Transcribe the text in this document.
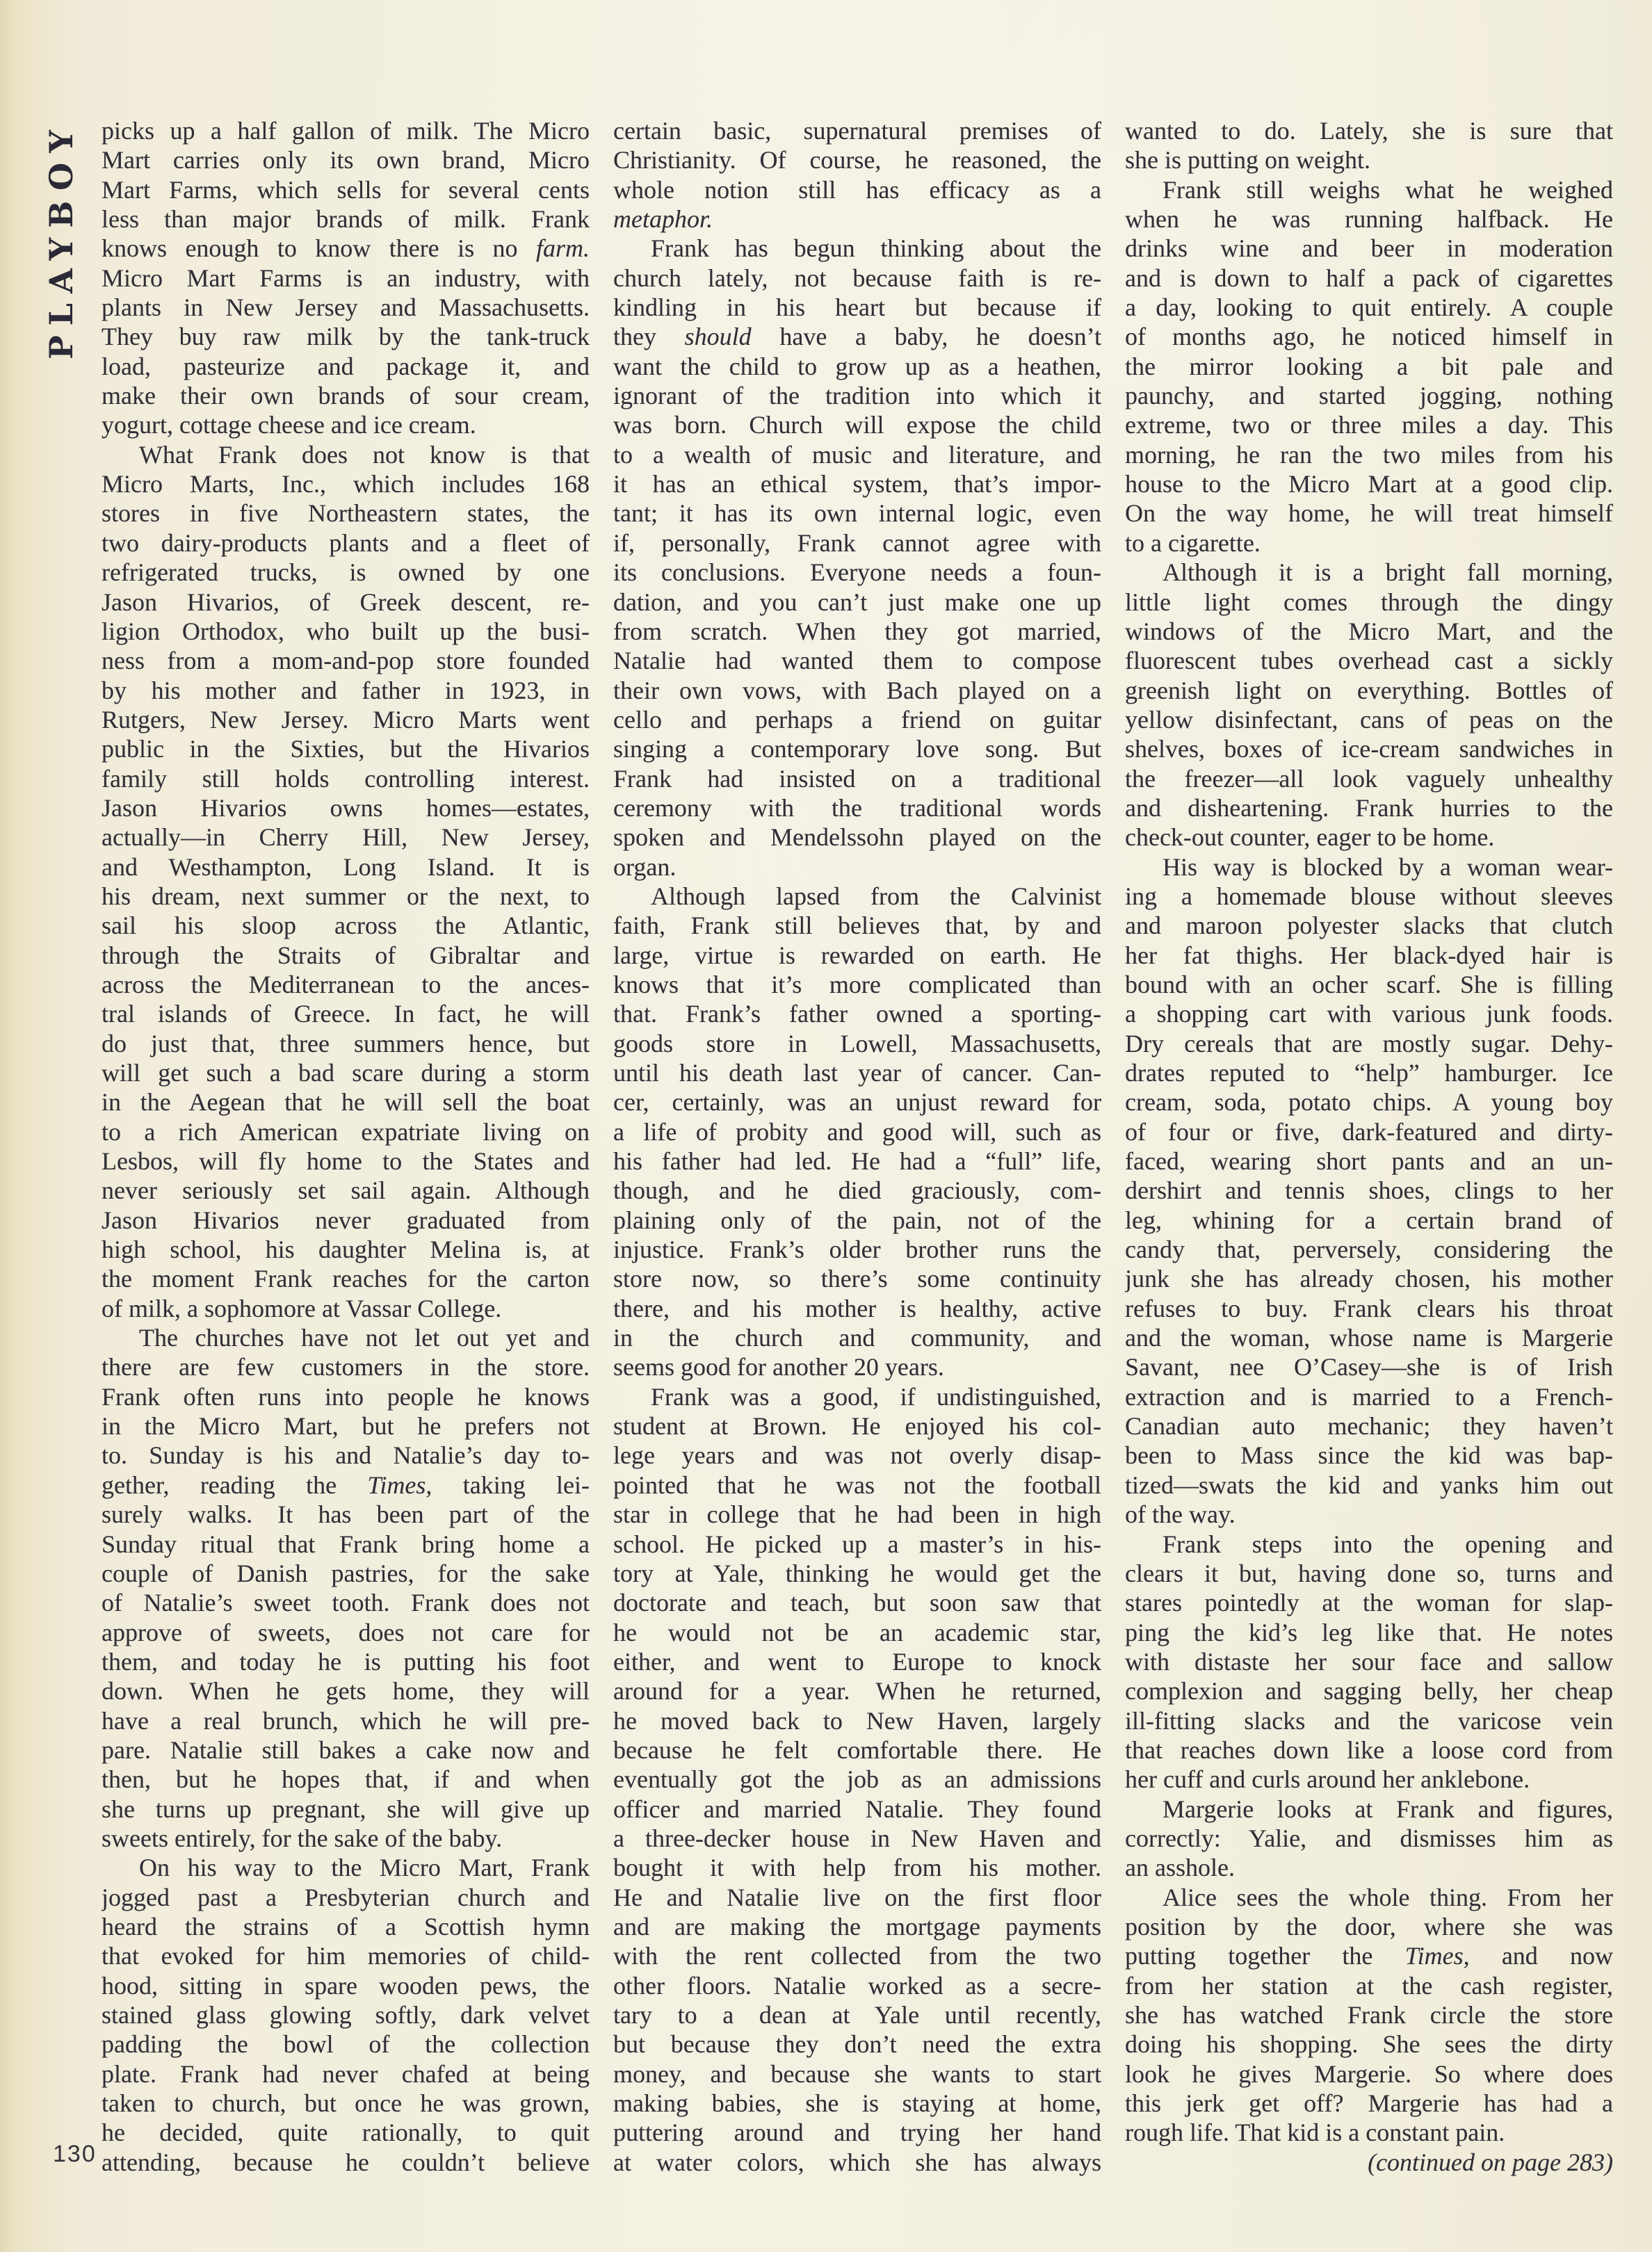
PLAYBOY picks up a half gallon of milk. The Micro
Mart carries only its own brand, Micro
Mart Farms, which sells for several cents
less than major brands of milk. Frank
knows enough to know there is no farm.
Micro Mart Farms is an industry, with
plants in New Jersey and Massachusetts.
They buy raw milk by the tank-truck
load, pasteurize and package it, and
make their own brands of sour cream,
yogurt, cottage cheese and ice cream.
What Frank does not know is that
Micro Marts, Inc., which includes 168
stores in five Northeastern states, the
two dairy-products plants and a fleet of
refrigerated trucks, is owned by one
Jason Hivarios, of Greek descent, re-
ligion Orthodox, who built up the busi-
ness from a mom-and-pop store founded
by his mother and father in 1923, in
Rutgers, New Jersey. Micro Marts went
public in the Sixties, but the Hivarios
family still holds controlling interest.
Jason Hivarios owns homes—estates,
actually—in Cherry Hill, New Jersey,
and Westhampton, Long Island. It is
his dream, next summer or the next, to
sail his sloop across the Atlantic,
through the Straits of Gibraltar and
across the Mediterranean to the ances-
tral islands of Greece. In fact, he will
do just that, three summers hence, but
will get such a bad scare during a storm
in the Aegean that he will sell the boat
to a rich American expatriate living on
Lesbos, will fly home to the States and
never seriously set sail again. Although
Jason Hivarios never graduated from
high school, his daughter Melina is, at
the moment Frank reaches for the carton
of milk, a sophomore at Vassar College.
The churches have not let out yet and
there are few customers in the store.
Frank often runs into people he knows
in the Micro Mart, but he prefers not
to. Sunday is his and Natalie’s day to-
gether, reading the Times, taking lei-
surely walks. It has been part of the
Sunday ritual that Frank bring home a
couple of Danish pastries, for the sake
of Natalie’s sweet tooth. Frank does not
approve of sweets, does not care for
them, and today he is putting his foot
down. When he gets home, they will
have a real brunch, which he will pre-
pare. Natalie still bakes a cake now and
then, but he hopes that, if and when
she turns up pregnant, she will give up
sweets entirely, for the sake of the baby.
On his way to the Micro Mart, Frank
jogged past a Presbyterian church and
heard the strains of a Scottish hymn
that evoked for him memories of child-
hood, sitting in spare wooden pews, the
stained glass glowing softly, dark velvet
padding the bowl of the collection
plate. Frank had never chafed at being
taken to church, but once he was grown,
he decided, quite rationally, to quit
attending, because he couldn’t believe
certain basic, supernatural premises of
Christianity. Of course, he reasoned, the
whole notion still has efficacy as a
metaphor.
Frank has begun thinking about the
church lately, not because faith is re-
kindling in his heart but because if
they should have a baby, he doesn’t
want the child to grow up as a heathen,
ignorant of the tradition into which it
was born. Church will expose the child
to a wealth of music and literature, and
it has an ethical system, that’s impor-
tant; it has its own internal logic, even
if, personally, Frank cannot agree with
its conclusions. Everyone needs a foun-
dation, and you can’t just make one up
from scratch. When they got married,
Natalie had wanted them to compose
their own vows, with Bach played on a
cello and perhaps a friend on guitar
singing a contemporary love song. But
Frank had insisted on a traditional
ceremony with the traditional words
spoken and Mendelssohn played on the
organ.
Although lapsed from the Calvinist
faith, Frank still believes that, by and
large, virtue is rewarded on earth. He
knows that it’s more complicated than
that. Frank’s father owned a sporting-
goods store in Lowell, Massachusetts,
until his death last year of cancer. Can-
cer, certainly, was an unjust reward for
a life of probity and good will, such as
his father had led. He had a “full” life,
though, and he died graciously, com-
plaining only of the pain, not of the
injustice. Frank’s older brother runs the
store now, so there’s some continuity
there, and his mother is healthy, active
in the church and community, and
seems good for another 20 years.
Frank was a good, if undistinguished,
student at Brown. He enjoyed his col-
lege years and was not overly disap-
pointed that he was not the football
star in college that he had been in high
school. He picked up a master’s in his-
tory at Yale, thinking he would get the
doctorate and teach, but soon saw that
he would not be an academic star,
either, and went to Europe to knock
around for a year. When he returned,
he moved back to New Haven, largely
because he felt comfortable there. He
eventually got the job as an admissions
officer and married Natalie. They found
a three-decker house in New Haven and
bought it with help from his mother.
He and Natalie live on the first floor
and are making the mortgage payments
with the rent collected from the two
other floors. Natalie worked as a secre-
tary to a dean at Yale until recently,
but because they don’t need the extra
money, and because she wants to start
making babies, she is staying at home,
puttering around and trying her hand
at water colors, which she has always
wanted to do. Lately, she is sure that
she is putting on weight.
Frank still weighs what he weighed
when he was running halfback. He
drinks wine and beer in moderation
and is down to half a pack of cigarettes
a day, looking to quit entirely. A couple
of months ago, he noticed himself in
the mirror looking a bit pale and
paunchy, and started jogging, nothing
extreme, two or three miles a day. This
morning, he ran the two miles from his
house to the Micro Mart at a good clip.
On the way home, he will treat himself
to a cigarette.
Although it is a bright fall morning,
little light comes through the dingy
windows of the Micro Mart, and the
fluorescent tubes overhead cast a sickly
greenish light on everything. Bottles of
yellow disinfectant, cans of peas on the
shelves, boxes of ice-cream sandwiches in
the freezer—all look vaguely unhealthy
and disheartening. Frank hurries to the
check-out counter, eager to be home.
His way is blocked by a woman wear-
ing a homemade blouse without sleeves
and maroon polyester slacks that clutch
her fat thighs. Her black-dyed hair is
bound with an ocher scarf. She is filling
a shopping cart with various junk foods.
Dry cereals that are mostly sugar. Dehy-
drates reputed to “help” hamburger. Ice
cream, soda, potato chips. A young boy
of four or five, dark-featured and dirty-
faced, wearing short pants and an un-
dershirt and tennis shoes, clings to her
leg, whining for a certain brand of
candy that, perversely, considering the
junk she has already chosen, his mother
refuses to buy. Frank clears his throat
and the woman, whose name is Margerie
Savant, nee O’Casey—she is of Irish
extraction and is married to a French-
Canadian auto mechanic; they haven’t
been to Mass since the kid was bap-
tized—swats the kid and yanks him out
of the way.
Frank steps into the opening and
clears it but, having done so, turns and
stares pointedly at the woman for slap-
ping the kid’s leg like that. He notes
with distaste her sour face and sallow
complexion and sagging belly, her cheap
ill-fitting slacks and the varicose vein
that reaches down like a loose cord from
her cuff and curls around her anklebone.
Margerie looks at Frank and figures,
correctly: Yalie, and dismisses him as
an asshole.
Alice sees the whole thing. From her
position by the door, where she was
putting together the Times, and now
from her station at the cash register,
she has watched Frank circle the store
doing his shopping. She sees the dirty
look he gives Margerie. So where does
this jerk get off? Margerie has had a
rough life. That kid is a constant pain.
(continued on page 283)
130
